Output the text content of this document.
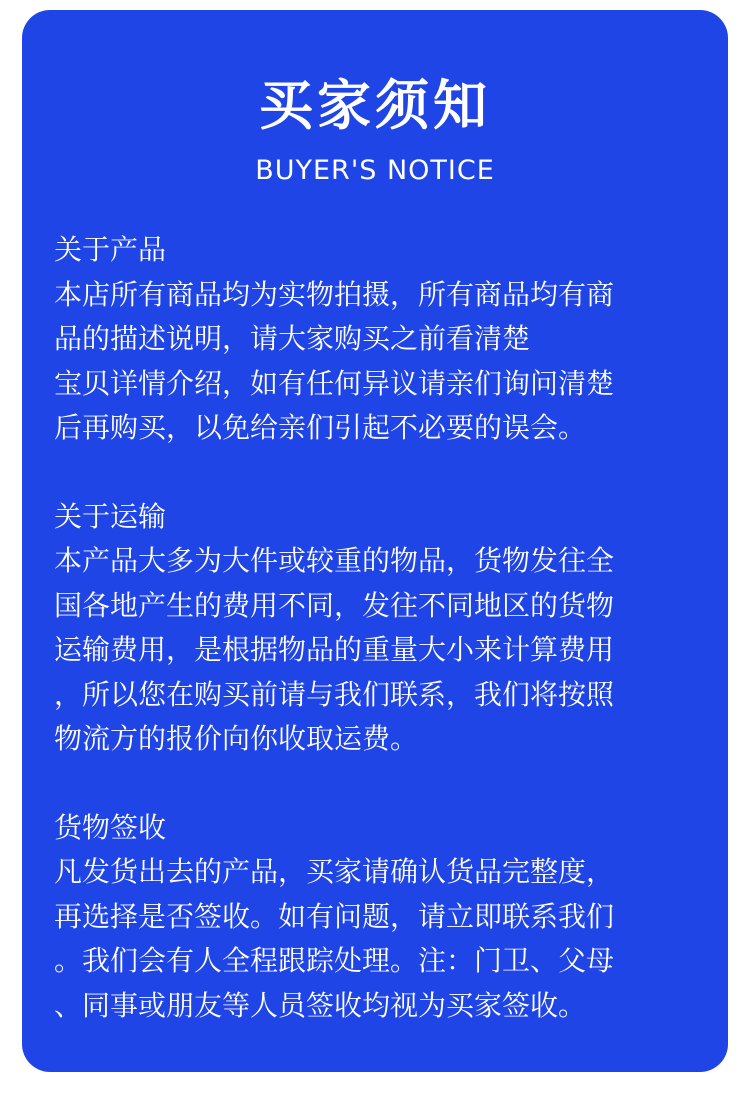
买家须知
BUYER'S NOTICE
关于产品
本店所有商品均为实物拍摄，所有商品均有商
品的描述说明，请大家购买之前看清楚
宝贝详情介绍，如有任何异议请亲们询问清楚
后再购买，以免给亲们引起不必要的误会。
关于运输
本产品大多为大件或较重的物品，货物发往全
国各地产生的费用不同，发往不同地区的货物
运输费用，是根据物品的重量大小来计算费用
，所以您在购买前请与我们联系，我们将按照
物流方的报价向你收取运费。
货物签收
凡发货出去的产品，买家请确认货品完整度，
再选择是否签收。如有问题，请立即联系我们
。我们会有人全程跟踪处理。注：门卫、父母
、同事或朋友等人员签收均视为买家签收。
